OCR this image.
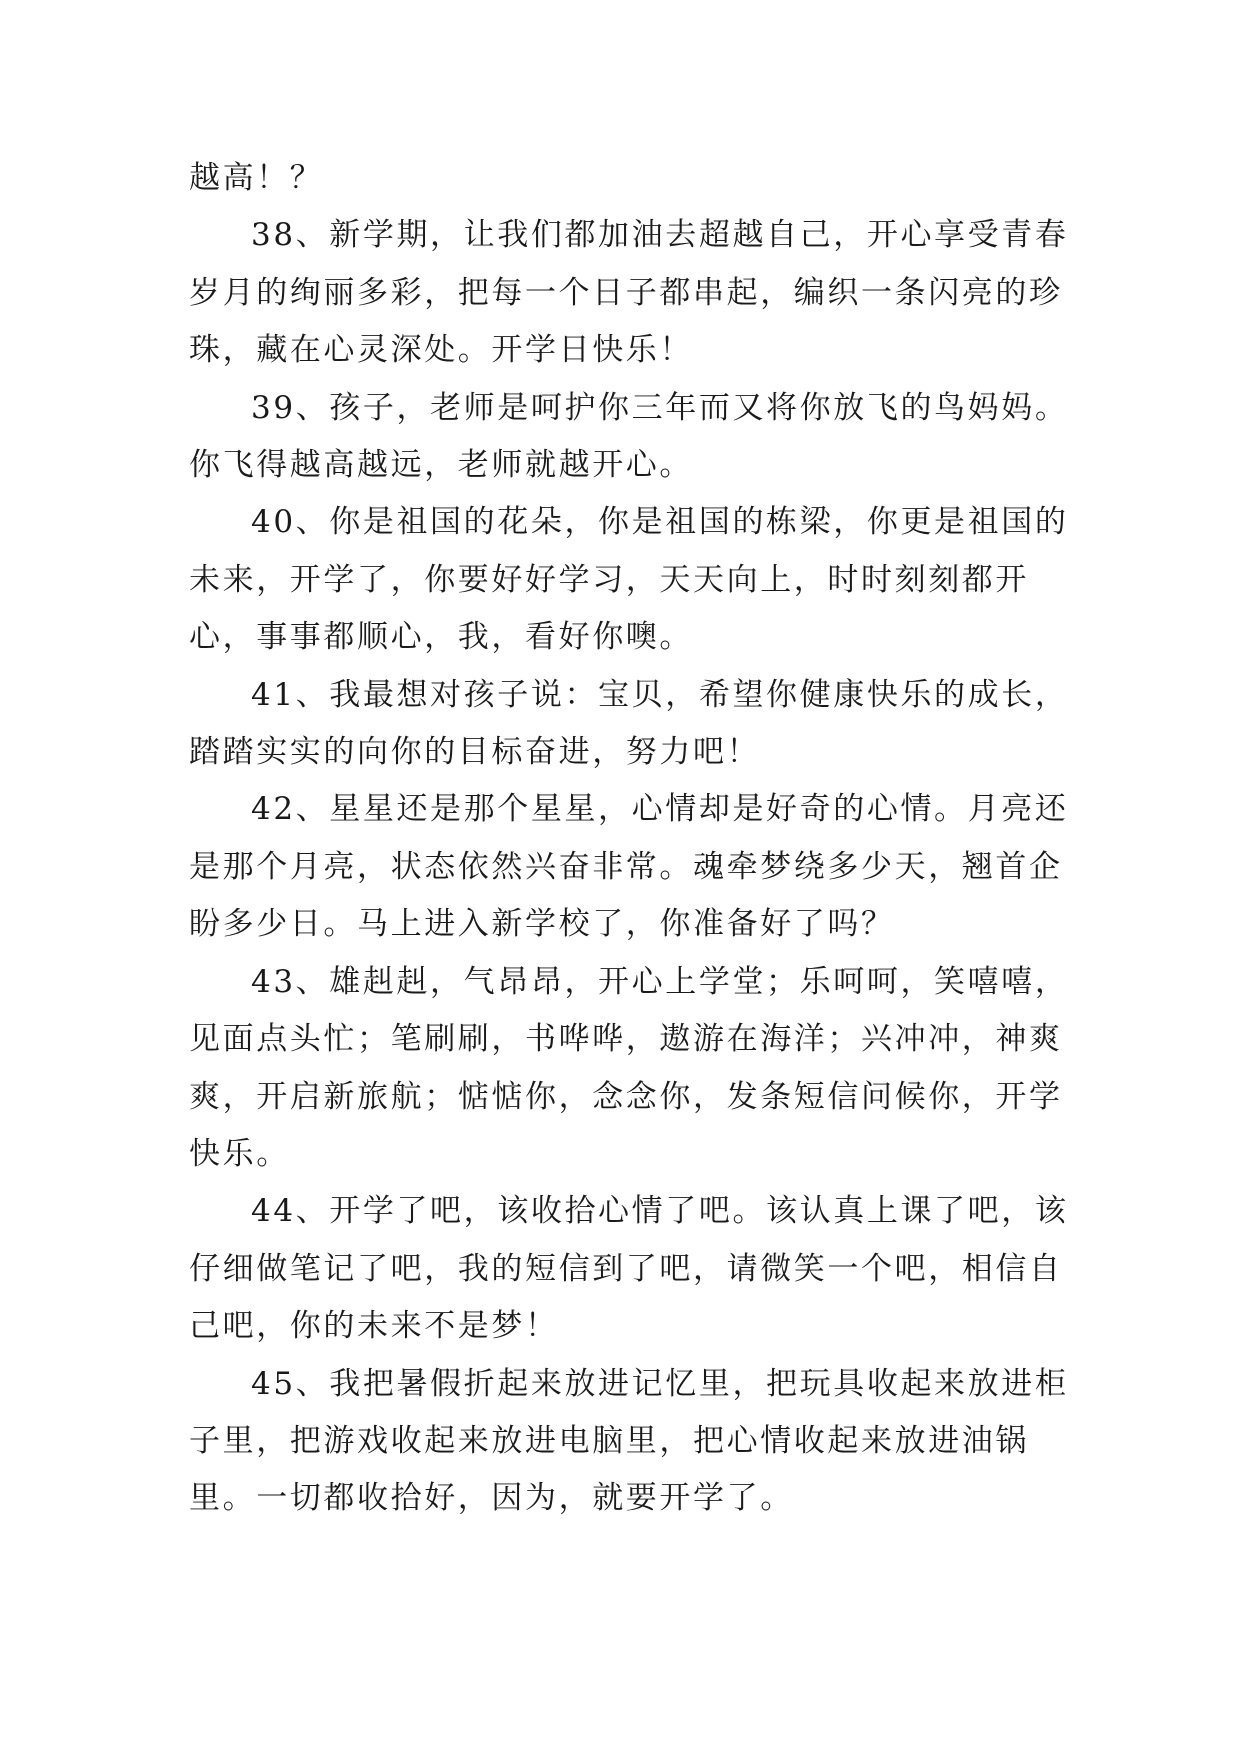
越高！？

38、新学期，让我们都加油去超越自己，开心享受青春岁月的绚丽多彩，把每一个日子都串起，编织一条闪亮的珍珠，藏在心灵深处。开学日快乐！

39、孩子，老师是呵护你三年而又将你放飞的鸟妈妈。你飞得越高越远，老师就越开心。

40、你是祖国的花朵，你是祖国的栋梁，你更是祖国的未来，开学了，你要好好学习，天天向上，时时刻刻都开心，事事都顺心，我，看好你噢。

41、我最想对孩子说：宝贝，希望你健康快乐的成长，踏踏实实的向你的目标奋进，努力吧！

42、星星还是那个星星，心情却是好奇的心情。月亮还是那个月亮，状态依然兴奋非常。魂牵梦绕多少天，翘首企盼多少日。马上进入新学校了，你准备好了吗？

43、雄赳赳，气昂昂，开心上学堂；乐呵呵，笑嘻嘻，见面点头忙；笔刷刷，书哗哗，遨游在海洋；兴冲冲，神爽爽，开启新旅航；惦惦你，念念你，发条短信问候你，开学快乐。

44、开学了吧，该收拾心情了吧。该认真上课了吧，该仔细做笔记了吧，我的短信到了吧，请微笑一个吧，相信自己吧，你的未来不是梦！

45、我把暑假折起来放进记忆里，把玩具收起来放进柜子里，把游戏收起来放进电脑里，把心情收起来放进油锅里。一切都收拾好，因为，就要开学了。
